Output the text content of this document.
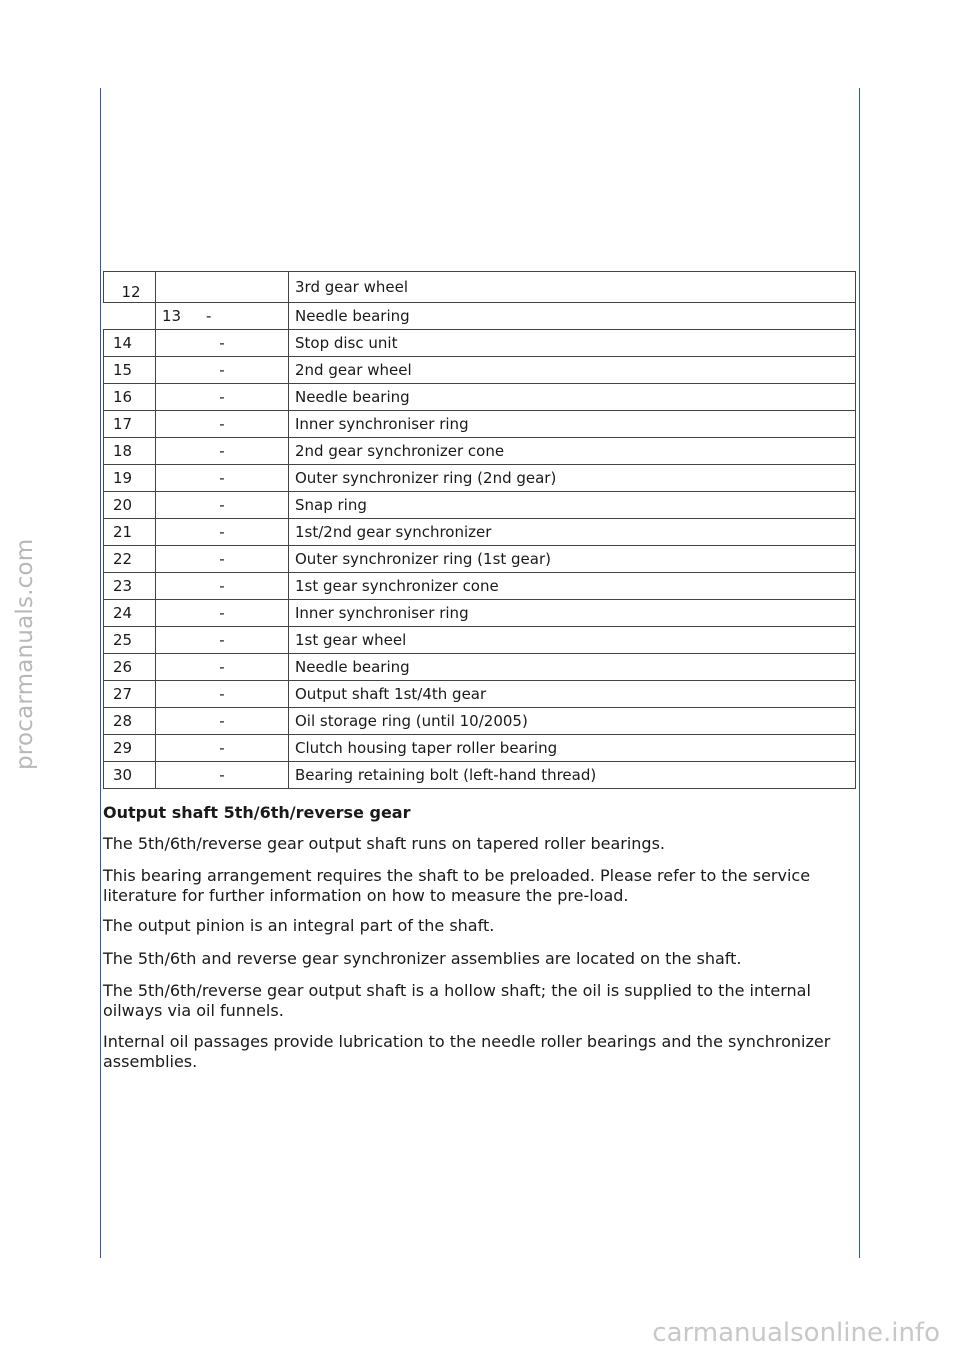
procarmanuals.com
carmanualsonline.info
12		3rd gear wheel
	13 -	Needle bearing
14	-	Stop disc unit
15	-	2nd gear wheel
16	-	Needle bearing
17	-	Inner synchroniser ring
18	-	2nd gear synchronizer cone
19	-	Outer synchronizer ring (2nd gear)
20	-	Snap ring
21	-	1st/2nd gear synchronizer
22	-	Outer synchronizer ring (1st gear)
23	-	1st gear synchronizer cone
24	-	Inner synchroniser ring
25	-	1st gear wheel
26	-	Needle bearing
27	-	Output shaft 1st/4th gear
28	-	Oil storage ring (until 10/2005)
29	-	Clutch housing taper roller bearing
30	-	Bearing retaining bolt (left-hand thread)
Output shaft 5th/6th/reverse gear
The 5th/6th/reverse gear output shaft runs on tapered roller bearings.
This bearing arrangement requires the shaft to be preloaded. Please refer to the service literature for further information on how to measure the pre-load.
The output pinion is an integral part of the shaft.
The 5th/6th and reverse gear synchronizer assemblies are located on the shaft.
The 5th/6th/reverse gear output shaft is a hollow shaft; the oil is supplied to the internal oilways via oil funnels.
Internal oil passages provide lubrication to the needle roller bearings and the synchronizer assemblies.
